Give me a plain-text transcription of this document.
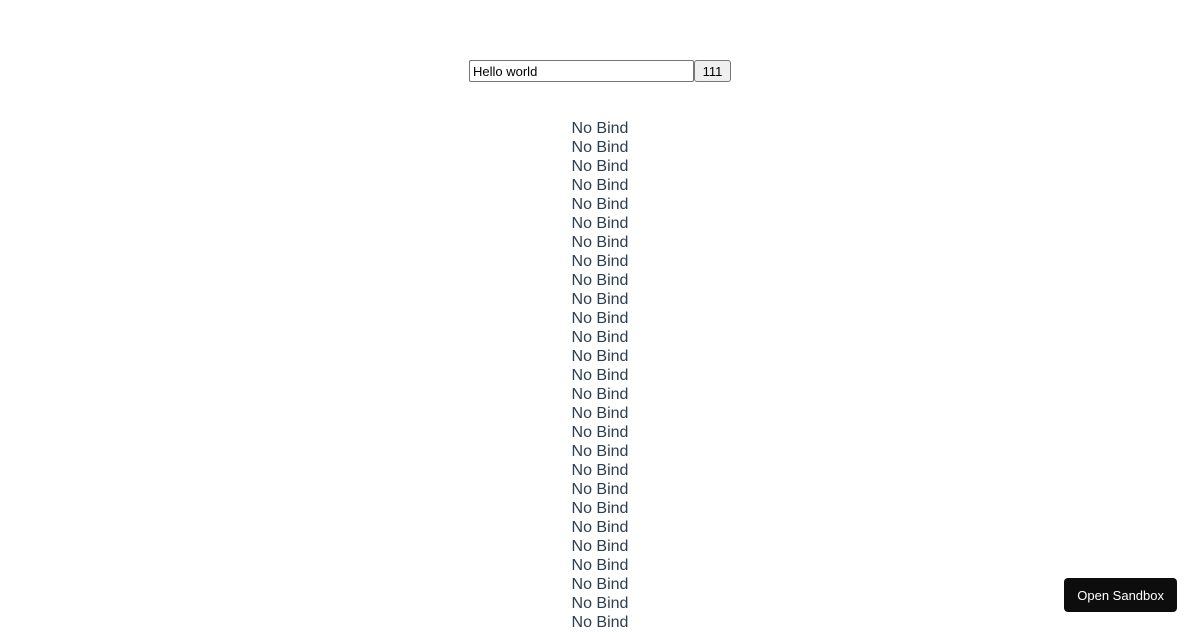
Hello world
111
No Bind
No Bind
No Bind
No Bind
No Bind
No Bind
No Bind
No Bind
No Bind
No Bind
No Bind
No Bind
No Bind
No Bind
No Bind
No Bind
No Bind
No Bind
No Bind
No Bind
No Bind
No Bind
No Bind
No Bind
No Bind
No Bind
No Bind
Open Sandbox
